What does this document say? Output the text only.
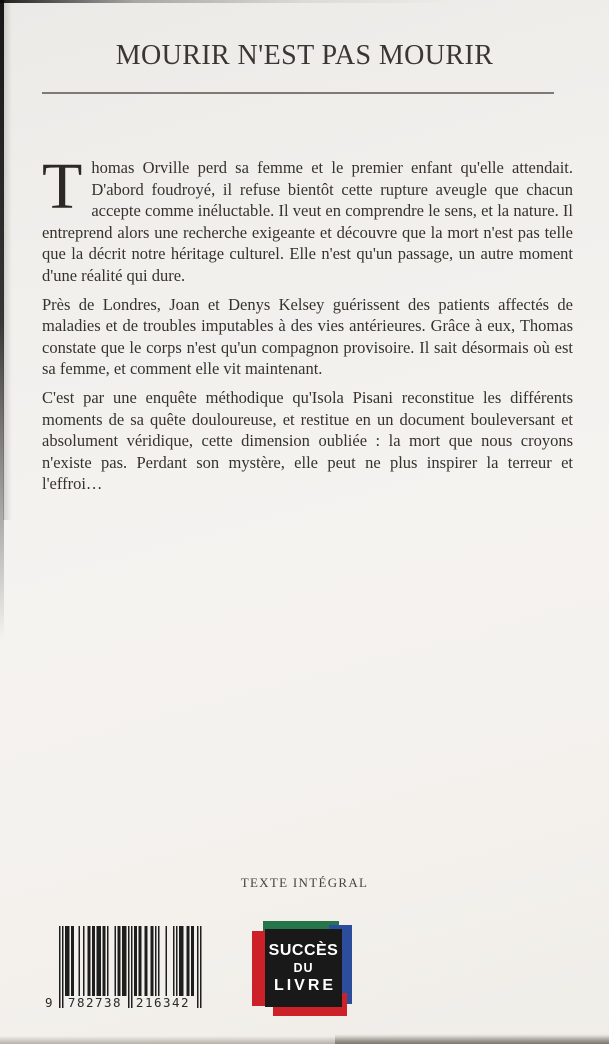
MOURIR N'EST PAS MOURIR

Thomas Orville perd sa femme et le premier enfant qu'elle attendait. D'abord foudroyé, il refuse bientôt cette rupture aveugle que chacun accepte comme inéluctable. Il veut en comprendre le sens, et la nature. Il entreprend alors une recherche exigeante et découvre que la mort n'est pas telle que la décrit notre héritage culturel. Elle n'est qu'un passage, un autre moment d'une réalité qui dure.

Près de Londres, Joan et Denys Kelsey guérissent des patients affectés de maladies et de troubles imputables à des vies antérieures. Grâce à eux, Thomas constate que le corps n'est qu'un compagnon provisoire. Il sait désormais où est sa femme, et comment elle vit maintenant.

C'est par une enquête méthodique qu'Isola Pisani reconstitue les différents moments de sa quête douloureuse, et restitue en un document bouleversant et absolument véridique, cette dimension oubliée : la mort que nous croyons n'existe pas. Perdant son mystère, elle peut ne plus inspirer la terreur et l'effroi…

TEXTE INTÉGRAL
9	782738	216342
SUCCÈS
DU
LIVRE
